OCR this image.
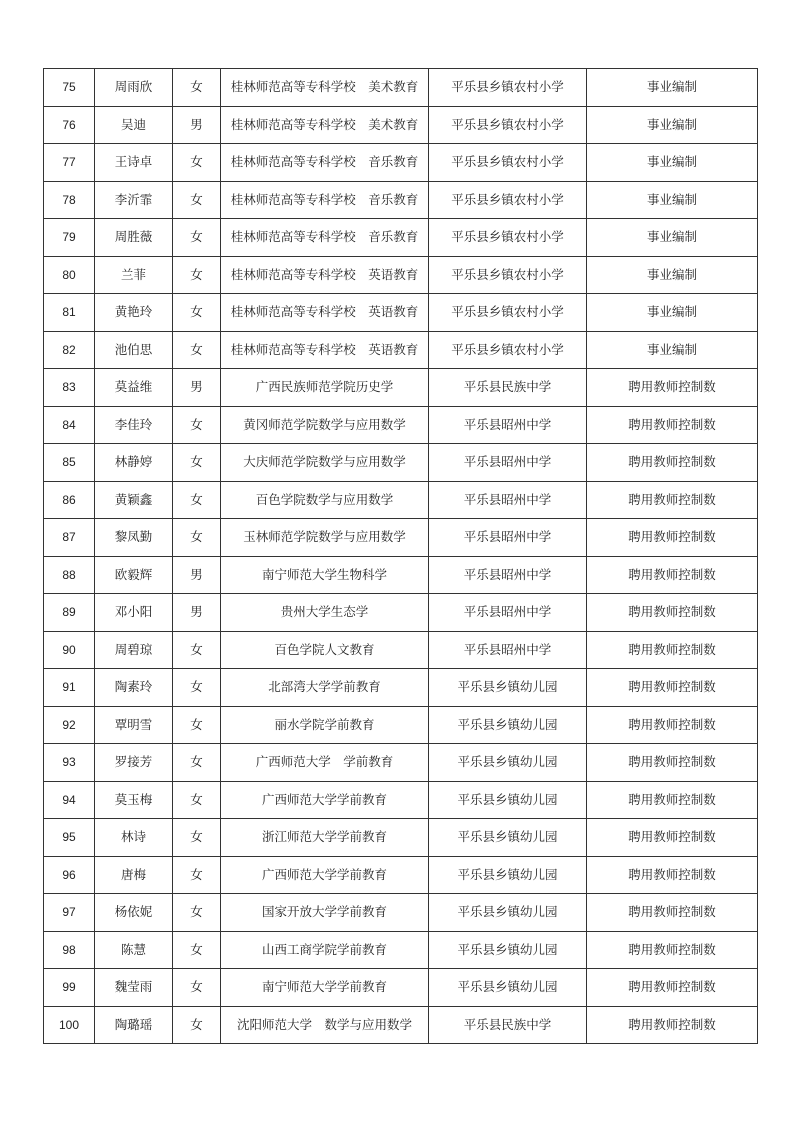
75	周雨欣	女	桂林师范高等专科学校　美术教育	平乐县乡镇农村小学	事业编制
76	吴迪	男	桂林师范高等专科学校　美术教育	平乐县乡镇农村小学	事业编制
77	王诗卓	女	桂林师范高等专科学校　音乐教育	平乐县乡镇农村小学	事业编制
78	李沂霏	女	桂林师范高等专科学校　音乐教育	平乐县乡镇农村小学	事业编制
79	周胜薇	女	桂林师范高等专科学校　音乐教育	平乐县乡镇农村小学	事业编制
80	兰菲	女	桂林师范高等专科学校　英语教育	平乐县乡镇农村小学	事业编制
81	黄艳玲	女	桂林师范高等专科学校　英语教育	平乐县乡镇农村小学	事业编制
82	池伯思	女	桂林师范高等专科学校　英语教育	平乐县乡镇农村小学	事业编制
83	莫益维	男	广西民族师范学院历史学	平乐县民族中学	聘用教师控制数
84	李佳玲	女	黄冈师范学院数学与应用数学	平乐县昭州中学	聘用教师控制数
85	林静婷	女	大庆师范学院数学与应用数学	平乐县昭州中学	聘用教师控制数
86	黄颖鑫	女	百色学院数学与应用数学	平乐县昭州中学	聘用教师控制数
87	黎凤勤	女	玉林师范学院数学与应用数学	平乐县昭州中学	聘用教师控制数
88	欧毅辉	男	南宁师范大学生物科学	平乐县昭州中学	聘用教师控制数
89	邓小阳	男	贵州大学生态学	平乐县昭州中学	聘用教师控制数
90	周碧琼	女	百色学院人文教育	平乐县昭州中学	聘用教师控制数
91	陶素玲	女	北部湾大学学前教育	平乐县乡镇幼儿园	聘用教师控制数
92	覃明雪	女	丽水学院学前教育	平乐县乡镇幼儿园	聘用教师控制数
93	罗接芳	女	广西师范大学　学前教育	平乐县乡镇幼儿园	聘用教师控制数
94	莫玉梅	女	广西师范大学学前教育	平乐县乡镇幼儿园	聘用教师控制数
95	林诗	女	浙江师范大学学前教育	平乐县乡镇幼儿园	聘用教师控制数
96	唐梅	女	广西师范大学学前教育	平乐县乡镇幼儿园	聘用教师控制数
97	杨依妮	女	国家开放大学学前教育	平乐县乡镇幼儿园	聘用教师控制数
98	陈慧	女	山西工商学院学前教育	平乐县乡镇幼儿园	聘用教师控制数
99	魏莹雨	女	南宁师范大学学前教育	平乐县乡镇幼儿园	聘用教师控制数
100	陶璐瑶	女	沈阳师范大学　数学与应用数学	平乐县民族中学	聘用教师控制数
